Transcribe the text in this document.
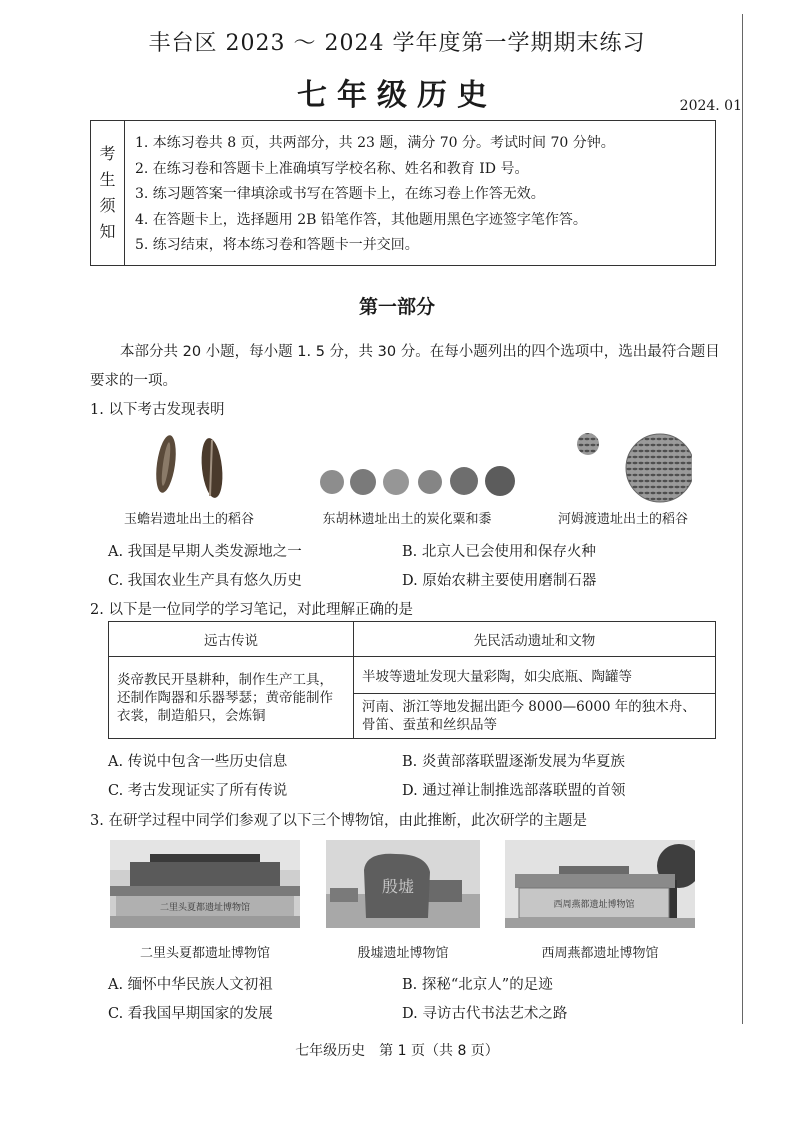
丰台区 2023 ～ 2024 学年度第一学期期末练习
七年级历史	2024. 01
考
生
须
知
1. 本练习卷共 8 页，共两部分，共 23 题，满分 70 分。考试时间 70 分钟。
2. 在练习卷和答题卡上准确填写学校名称、姓名和教育 ID 号。
3. 练习题答案一律填涂或书写在答题卡上，在练习卷上作答无效。
4. 在答题卡上，选择题用 2B 铅笔作答，其他题用黑色字迹签字笔作答。
5. 练习结束，将本练习卷和答题卡一并交回。
第一部分
本部分共 20 小题，每小题 1. 5 分，共 30 分。在每小题列出的四个选项中，选出最符合题目要求的一项。
1. 以下考古发现表明
玉蟾岩遗址出土的稻谷	东胡林遗址出土的炭化粟和黍	河姆渡遗址出土的稻谷
A. 我国是早期人类发源地之一	B. 北京人已会使用和保存火种
C. 我国农业生产具有悠久历史	D. 原始农耕主要使用磨制石器
2. 以下是一位同学的学习笔记，对此理解正确的是
远古传说	先民活动遗址和文物
炎帝教民开垦耕种，制作生产工具，还制作陶器和乐器琴瑟；黄帝能制作衣裳，制造船只，会炼铜	半坡等遗址发现大量彩陶，如尖底瓶、陶罐等
	河南、浙江等地发掘出距今 8000—6000 年的独木舟、骨笛、蚕茧和丝织品等
A. 传说中包含一些历史信息	B. 炎黄部落联盟逐渐发展为华夏族
C. 考古发现证实了所有传说	D. 通过禅让制推选部落联盟的首领
3. 在研学过程中同学们参观了以下三个博物馆，由此推断，此次研学的主题是
二里头夏都遗址博物馆
殷墟
西周燕都遗址博物馆
二里头夏都遗址博物馆	殷墟遗址博物馆	西周燕都遗址博物馆
A. 缅怀中华民族人文初祖	B. 探秘“北京人”的足迹
C. 看我国早期国家的发展	D. 寻访古代书法艺术之路
七年级历史　第 1 页（共 8 页）
